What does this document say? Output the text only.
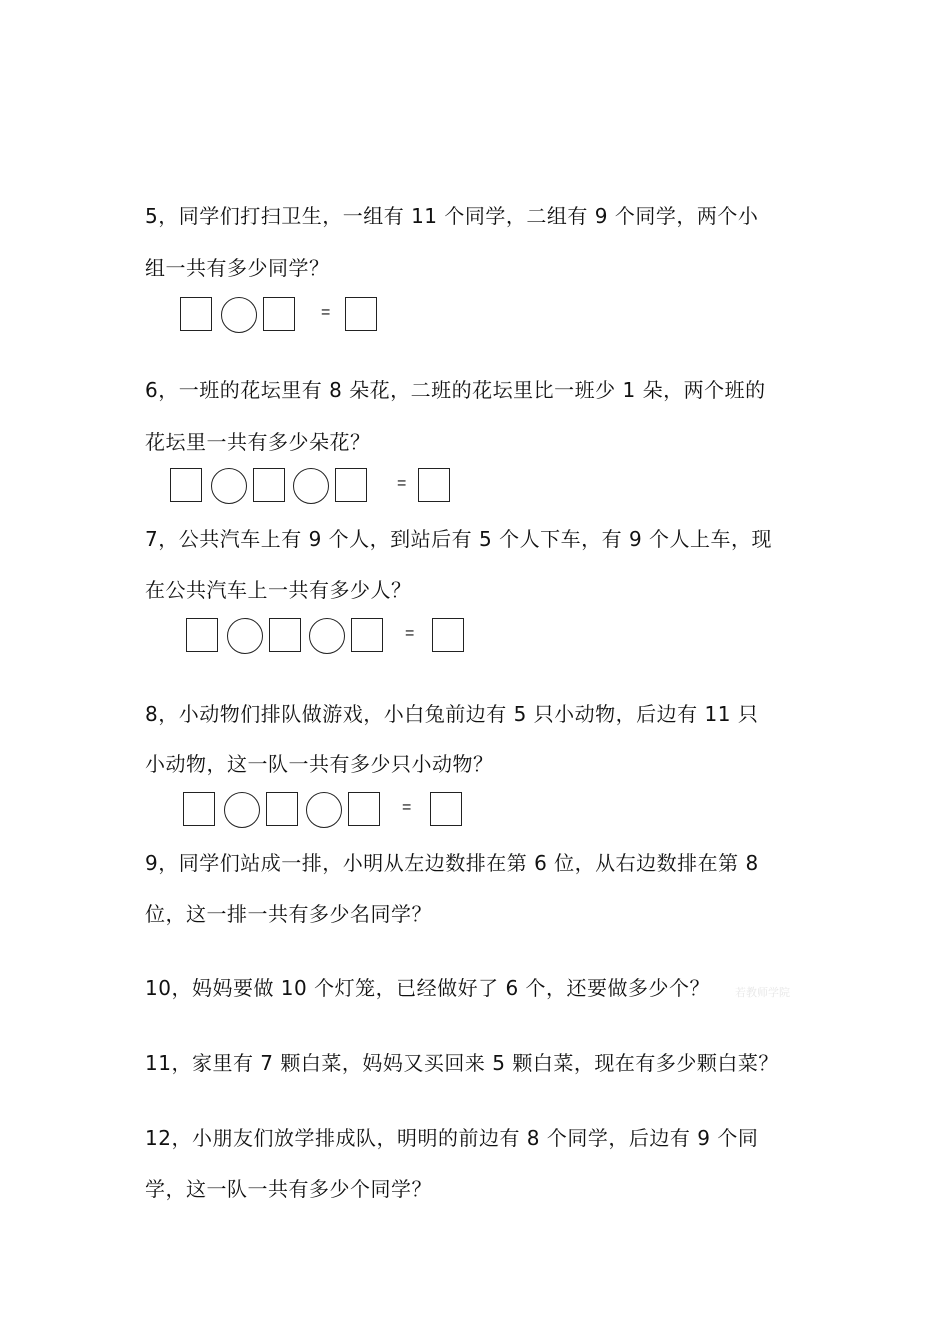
5，同学们打扫卫生，一组有 11 个同学，二组有 9 个同学，两个小
组一共有多少同学？
=
6，一班的花坛里有 8 朵花，二班的花坛里比一班少 1 朵，两个班的
花坛里一共有多少朵花？
=
7，公共汽车上有 9 个人，到站后有 5 个人下车，有 9 个人上车，现
在公共汽车上一共有多少人？
=
8，小动物们排队做游戏，小白兔前边有 5 只小动物，后边有 11 只
小动物，这一队一共有多少只小动物？
=
9，同学们站成一排，小明从左边数排在第 6 位，从右边数排在第 8
位，这一排一共有多少名同学？
10，妈妈要做 10 个灯笼，已经做好了 6 个，还要做多少个？ 若教师学院
11，家里有 7 颗白菜，妈妈又买回来 5 颗白菜，现在有多少颗白菜？
12，小朋友们放学排成队，明明的前边有 8 个同学，后边有 9 个同
学，这一队一共有多少个同学？
